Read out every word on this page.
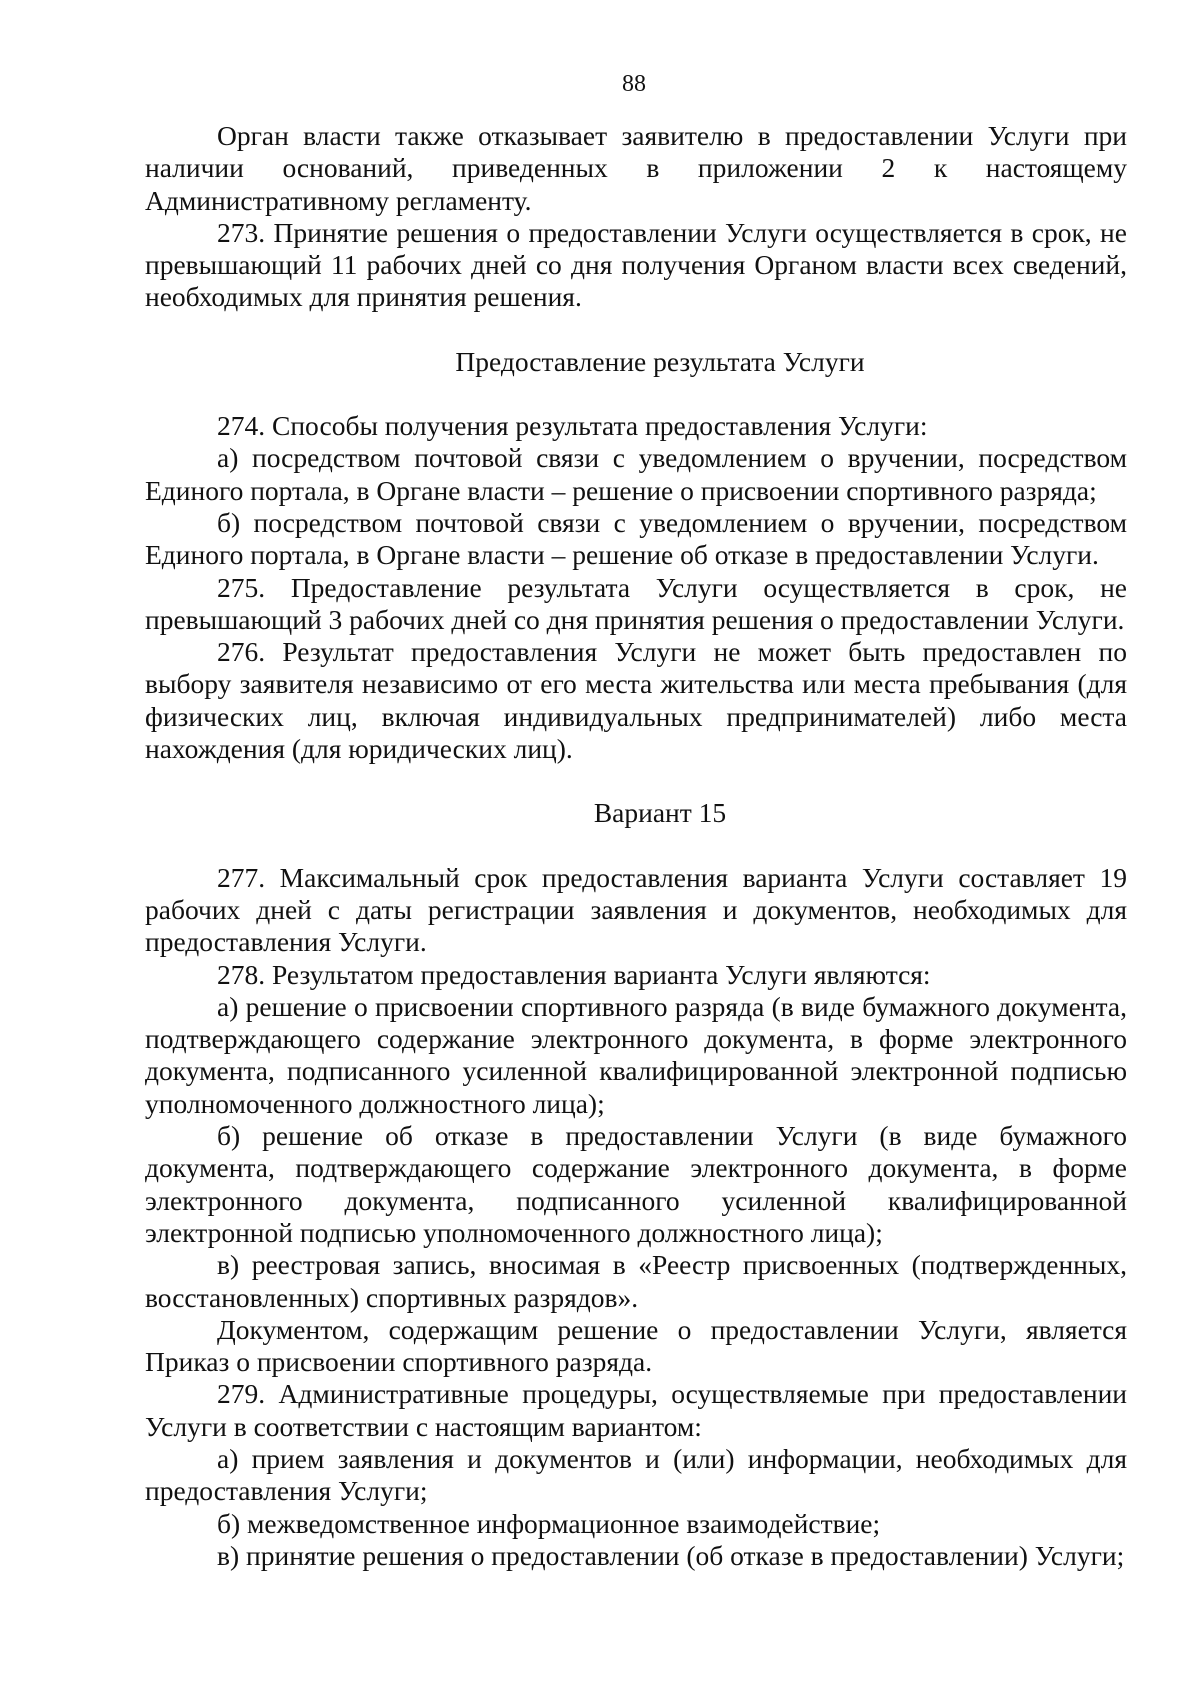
88

Орган власти также отказывает заявителю в предоставлении Услуги при наличии оснований, приведенных в приложении 2 к настоящему Административному регламенту.

273. Принятие решения о предоставлении Услуги осуществляется в срок, не превышающий 11 рабочих дней со дня получения Органом власти всех сведений, необходимых для принятия решения.

Предоставление результата Услуги

274. Способы получения результата предоставления Услуги:

а) посредством почтовой связи с уведомлением о вручении, посредством Единого портала, в Органе власти – решение о присвоении спортивного разряда;

б) посредством почтовой связи с уведомлением о вручении, посредством Единого портала, в Органе власти – решение об отказе в предоставлении Услуги.

275. Предоставление результата Услуги осуществляется в срок, не превышающий 3 рабочих дней со дня принятия решения о предоставлении Услуги.

276. Результат предоставления Услуги не может быть предоставлен по выбору заявителя независимо от его места жительства или места пребывания (для физических лиц, включая индивидуальных предпринимателей) либо места нахождения (для юридических лиц).

Вариант 15

277. Максимальный срок предоставления варианта Услуги составляет 19 рабочих дней с даты регистрации заявления и документов, необходимых для предоставления Услуги.

278. Результатом предоставления варианта Услуги являются:

а) решение о присвоении спортивного разряда (в виде бумажного документа, подтверждающего содержание электронного документа, в форме электронного документа, подписанного усиленной квалифицированной электронной подписью уполномоченного должностного лица);

б) решение об отказе в предоставлении Услуги (в виде бумажного документа, подтверждающего содержание электронного документа, в форме электронного документа, подписанного усиленной квалифицированной электронной подписью уполномоченного должностного лица);

в) реестровая запись, вносимая в «Реестр присвоенных (подтвержденных, восстановленных) спортивных разрядов».

Документом, содержащим решение о предоставлении Услуги, является Приказ о присвоении спортивного разряда.

279. Административные процедуры, осуществляемые при предоставлении Услуги в соответствии с настоящим вариантом:

а) прием заявления и документов и (или) информации, необходимых для предоставления Услуги;

б) межведомственное информационное взаимодействие;

в) принятие решения о предоставлении (об отказе в предоставлении) Услуги;
